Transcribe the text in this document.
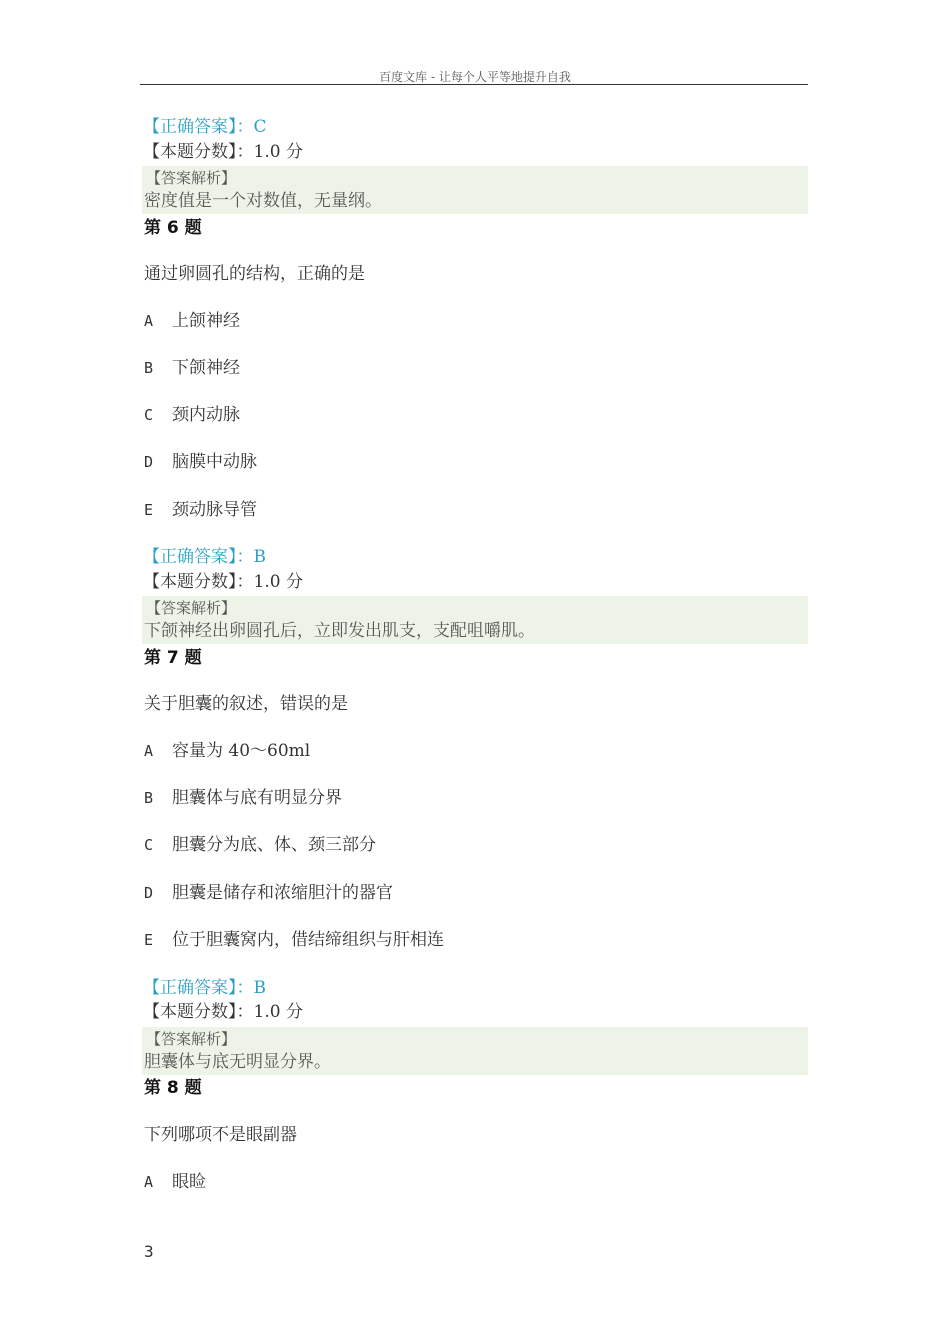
百度文库 - 让每个人平等地提升自我
【正确答案】：C
【本题分数】：1.0 分
【答案解析】
密度值是一个对数值，无量纲。
第 6 题
通过卵圆孔的结构，正确的是
A 上颌神经
B 下颌神经
C 颈内动脉
D 脑膜中动脉
E 颈动脉导管
【正确答案】：B
【本题分数】：1.0 分
【答案解析】
下颌神经出卵圆孔后，立即发出肌支，支配咀嚼肌。
第 7 题
关于胆囊的叙述，错误的是
A 容量为 40～60ml
B 胆囊体与底有明显分界
C 胆囊分为底、体、颈三部分
D 胆囊是储存和浓缩胆汁的器官
E 位于胆囊窝内，借结缔组织与肝相连
【正确答案】：B
【本题分数】：1.0 分
【答案解析】
胆囊体与底无明显分界。
第 8 题
下列哪项不是眼副器
A 眼睑
3
